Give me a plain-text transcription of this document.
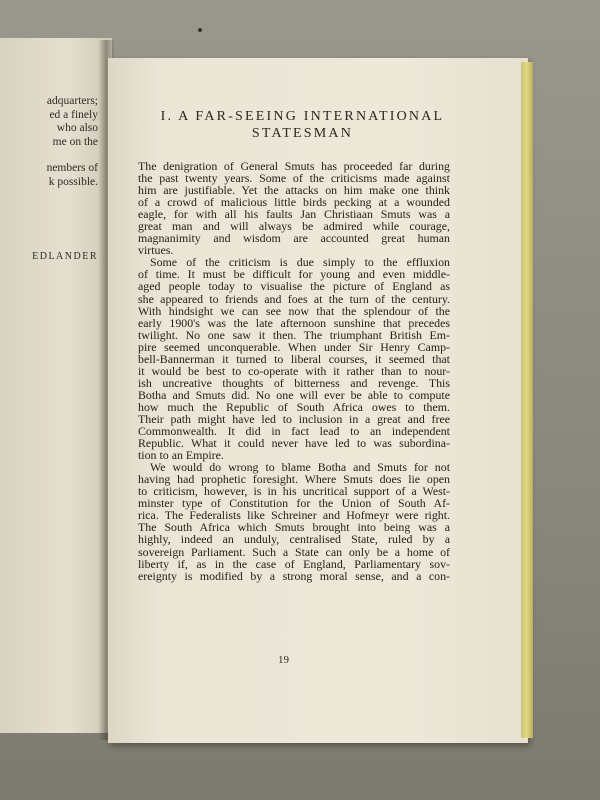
adquarters;
ed a finely
who also
me on the
nembers of
k possible.
EDLANDER
I. A FAR-SEEING INTERNATIONAL
STATESMAN

The denigration of General Smuts has proceeded far during
the past twenty years. Some of the criticisms made against
him are justifiable. Yet the attacks on him make one think
of a crowd of malicious little birds pecking at a wounded
eagle, for with all his faults Jan Christiaan Smuts was a
great man and will always be admired while courage,
magnanimity and wisdom are accounted great human
virtues.

Some of the criticism is due simply to the effluxion
of time. It must be difficult for young and even middle-
aged people today to visualise the picture of England as
she appeared to friends and foes at the turn of the century.
With hindsight we can see now that the splendour of the
early 1900's was the late afternoon sunshine that precedes
twilight. No one saw it then. The triumphant British Em-
pire seemed unconquerable. When under Sir Henry Camp-
bell-Bannerman it turned to liberal courses, it seemed that
it would be best to co-operate with it rather than to nour-
ish uncreative thoughts of bitterness and revenge. This
Botha and Smuts did. No one will ever be able to compute
how much the Republic of South Africa owes to them.
Their path might have led to inclusion in a great and free
Commonwealth. It did in fact lead to an independent
Republic. What it could never have led to was subordina-
tion to an Empire.

We would do wrong to blame Botha and Smuts for not
having had prophetic foresight. Where Smuts does lie open
to criticism, however, is in his uncritical support of a West-
minster type of Constitution for the Union of South Af-
rica. The Federalists like Schreiner and Hofmeyr were right.
The South Africa which Smuts brought into being was a
highly, indeed an unduly, centralised State, ruled by a
sovereign Parliament. Such a State can only be a home of
liberty if, as in the case of England, Parliamentary sov-
ereignty is modified by a strong moral sense, and a con-

19
